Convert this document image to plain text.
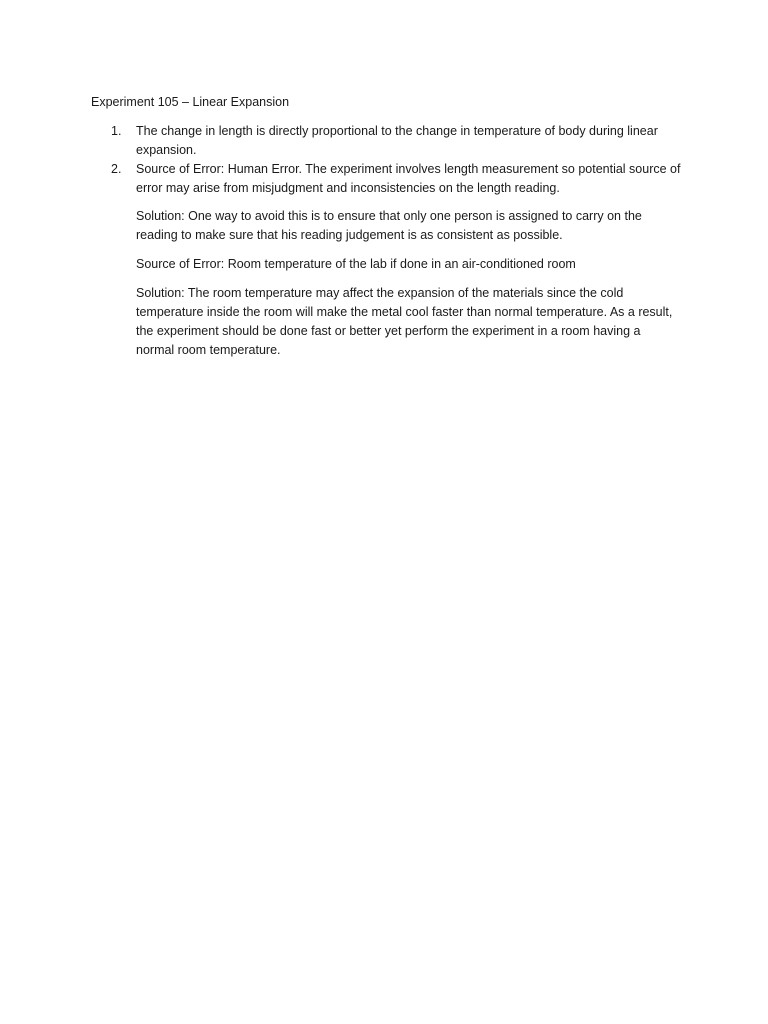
Experiment 105 – Linear Expansion
1. The change in length is directly proportional to the change in temperature of body during linear expansion.
2. Source of Error: Human Error. The experiment involves length measurement so potential source of error may arise from misjudgment and inconsistencies on the length reading.

Solution: One way to avoid this is to ensure that only one person is assigned to carry on the reading to make sure that his reading judgement is as consistent as possible.

Source of Error: Room temperature of the lab if done in an air-conditioned room

Solution: The room temperature may affect the expansion of the materials since the cold temperature inside the room will make the metal cool faster than normal temperature. As a result, the experiment should be done fast or better yet perform the experiment in a room having a normal room temperature.
